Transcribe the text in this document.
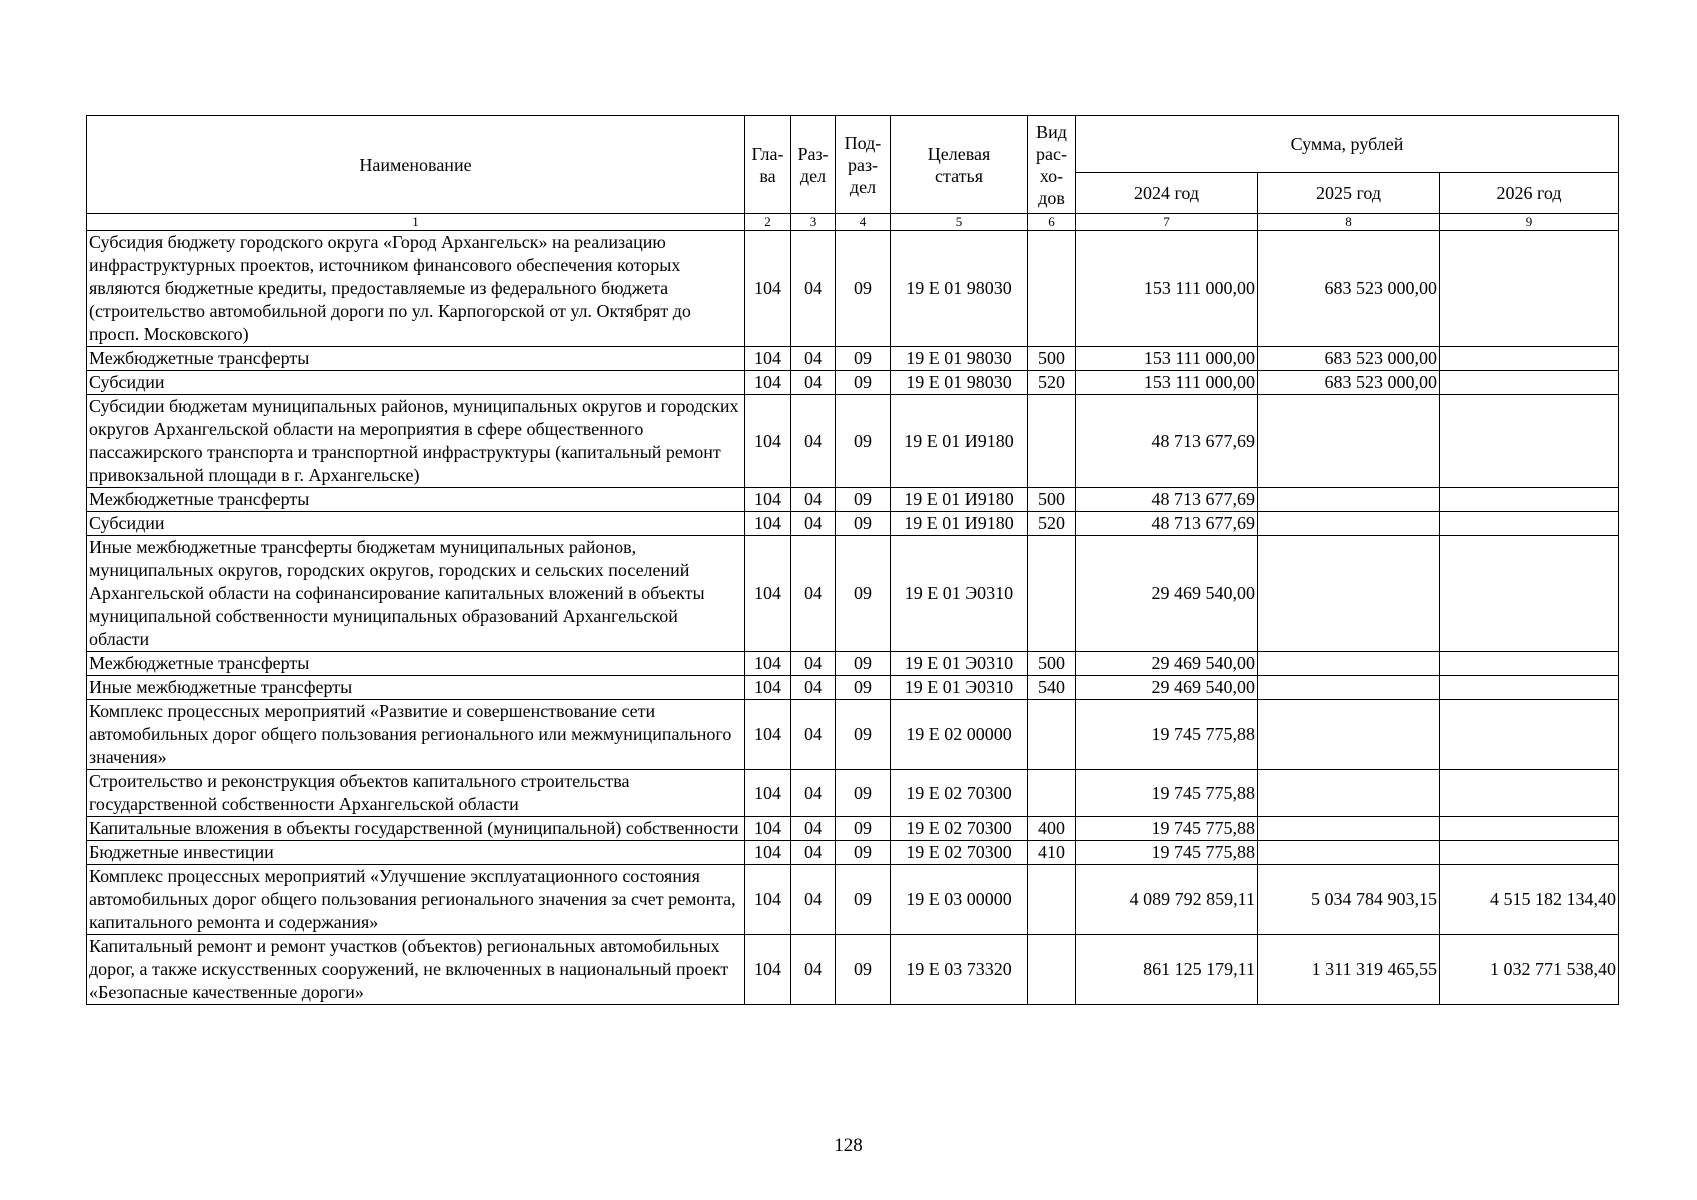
Наименование	Гла-ва	Раз-дел	Под-раз-дел	Целевая статья	Вид рас-хо-дов	Сумма, рублей		
						2024 год	2025 год	2026 год
1	2	3	4	5	6	7	8	9
Субсидия бюджету городского округа «Город Архангельск» на реализацию инфраструктурных проектов, источником финансового обеспечения которых являются бюджетные кредиты, предоставляемые из федерального бюджета (строительство автомобильной дороги по ул. Карпогорской от ул. Октябрят до просп. Московского)	104	04	09	19 Е 01 98030		153 111 000,00	683 523 000,00	
Межбюджетные трансферты	104	04	09	19 Е 01 98030	500	153 111 000,00	683 523 000,00	
Субсидии	104	04	09	19 Е 01 98030	520	153 111 000,00	683 523 000,00	
Субсидии бюджетам муниципальных районов, муниципальных округов и городских округов Архангельской области на мероприятия в сфере общественного пассажирского транспорта и транспортной инфраструктуры (капитальный ремонт привокзальной площади в г. Архангельске)	104	04	09	19 Е 01 И9180		48 713 677,69		
Межбюджетные трансферты	104	04	09	19 Е 01 И9180	500	48 713 677,69		
Субсидии	104	04	09	19 Е 01 И9180	520	48 713 677,69		
Иные межбюджетные трансферты бюджетам муниципальных районов, муниципальных округов, городских округов, городских и сельских поселений Архангельской области на софинансирование капитальных вложений в объекты муниципальной собственности муниципальных образований Архангельской области	104	04	09	19 Е 01 Э0310		29 469 540,00		
Межбюджетные трансферты	104	04	09	19 Е 01 Э0310	500	29 469 540,00		
Иные межбюджетные трансферты	104	04	09	19 Е 01 Э0310	540	29 469 540,00		
Комплекс процессных мероприятий «Развитие и совершенствование сети автомобильных дорог общего пользования регионального или межмуниципального значения»	104	04	09	19 Е 02 00000		19 745 775,88		
Строительство и реконструкция объектов капитального строительства государственной собственности Архангельской области	104	04	09	19 Е 02 70300		19 745 775,88		
Капитальные вложения в объекты государственной (муниципальной) собственности	104	04	09	19 Е 02 70300	400	19 745 775,88		
Бюджетные инвестиции	104	04	09	19 Е 02 70300	410	19 745 775,88		
Комплекс процессных мероприятий «Улучшение эксплуатационного состояния автомобильных дорог общего пользования регионального значения за счет ремонта, капитального ремонта и содержания»	104	04	09	19 Е 03 00000		4 089 792 859,11	5 034 784 903,15	4 515 182 134,40
Капитальный ремонт и ремонт участков (объектов) региональных автомобильных дорог, а также искусственных сооружений, не включенных в национальный проект «Безопасные качественные дороги»	104	04	09	19 Е 03 73320		861 125 179,11	1 311 319 465,55	1 032 771 538,40
128
